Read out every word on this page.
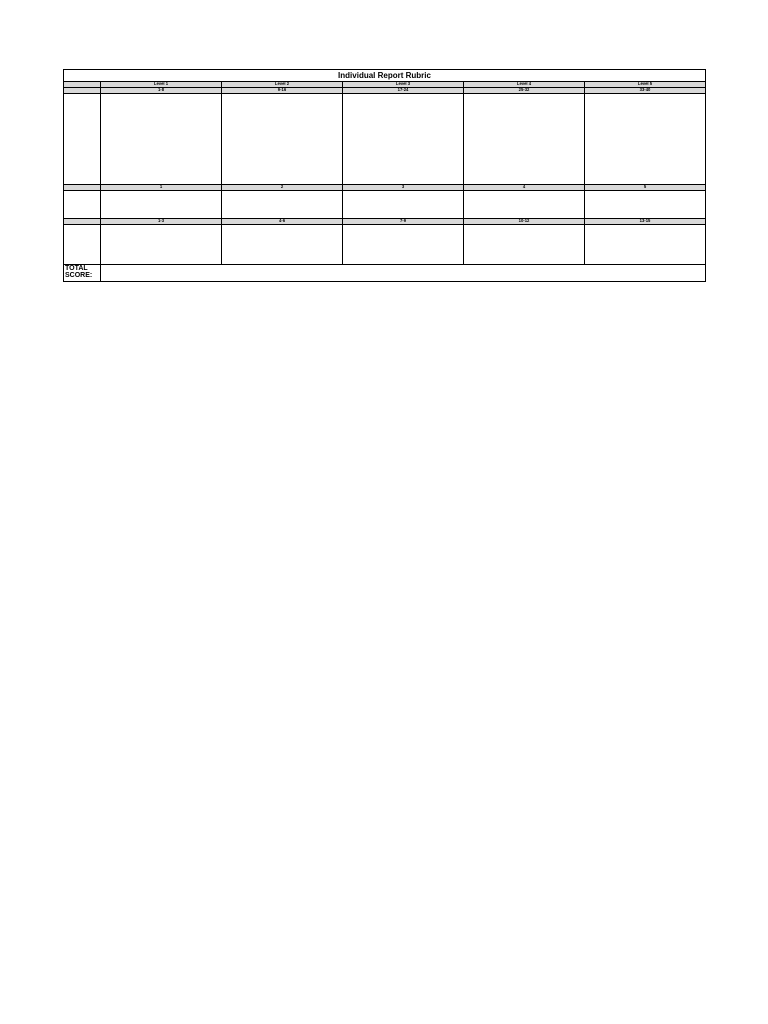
Individual Report Rubric					
	Level 1	Level 2	Level 3	Level 4	Level 5
	1-8	9-16	17-24	25-32	33-40

	1	2	3	4	5

	1-3	4-6	7-9	10-12	13-15

TOTAL SCORE:					
